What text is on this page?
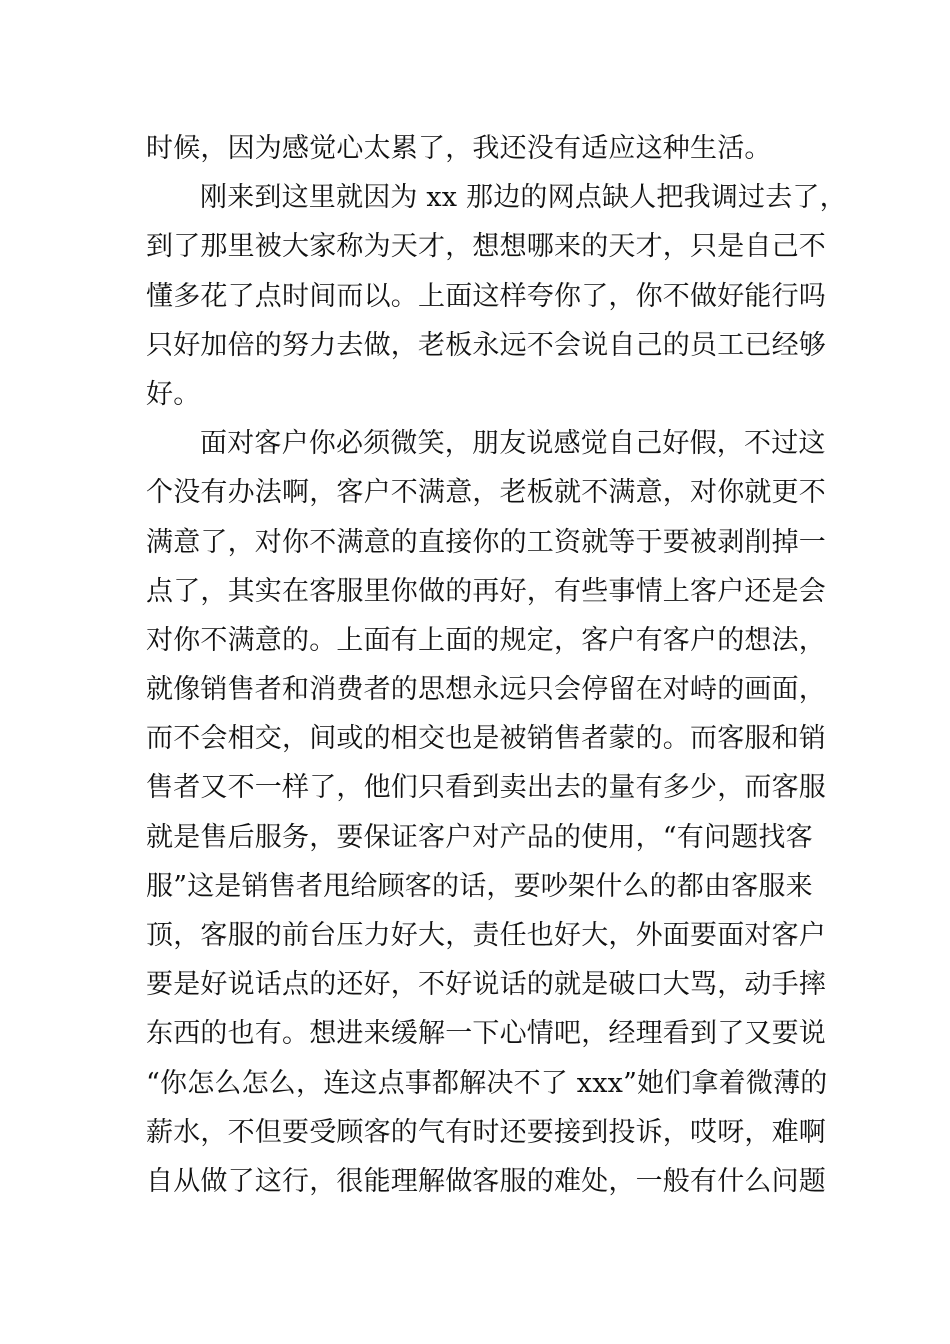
时候，因为感觉心太累了，我还没有适应这种生活。
刚来到这里就因为 xx 那边的网点缺人把我调过去了，
到了那里被大家称为天才，想想哪来的天才，只是自己不
懂多花了点时间而以。上面这样夸你了，你不做好能行吗
只好加倍的努力去做，老板永远不会说自己的员工已经够
好。
面对客户你必须微笑，朋友说感觉自己好假，不过这
个没有办法啊，客户不满意，老板就不满意，对你就更不
满意了，对你不满意的直接你的工资就等于要被剥削掉一
点了，其实在客服里你做的再好，有些事情上客户还是会
对你不满意的。上面有上面的规定，客户有客户的想法，
就像销售者和消费者的思想永远只会停留在对峙的画面，
而不会相交，间或的相交也是被销售者蒙的。而客服和销
售者又不一样了，他们只看到卖出去的量有多少，而客服
就是售后服务，要保证客户对产品的使用，“有问题找客
服”这是销售者甩给顾客的话，要吵架什么的都由客服来
顶，客服的前台压力好大，责任也好大，外面要面对客户
要是好说话点的还好，不好说话的就是破口大骂，动手摔
东西的也有。想进来缓解一下心情吧，经理看到了又要说
“你怎么怎么，连这点事都解决不了 xxx”她们拿着微薄的
薪水，不但要受顾客的气有时还要接到投诉，哎呀，难啊
自从做了这行，很能理解做客服的难处，一般有什么问题
